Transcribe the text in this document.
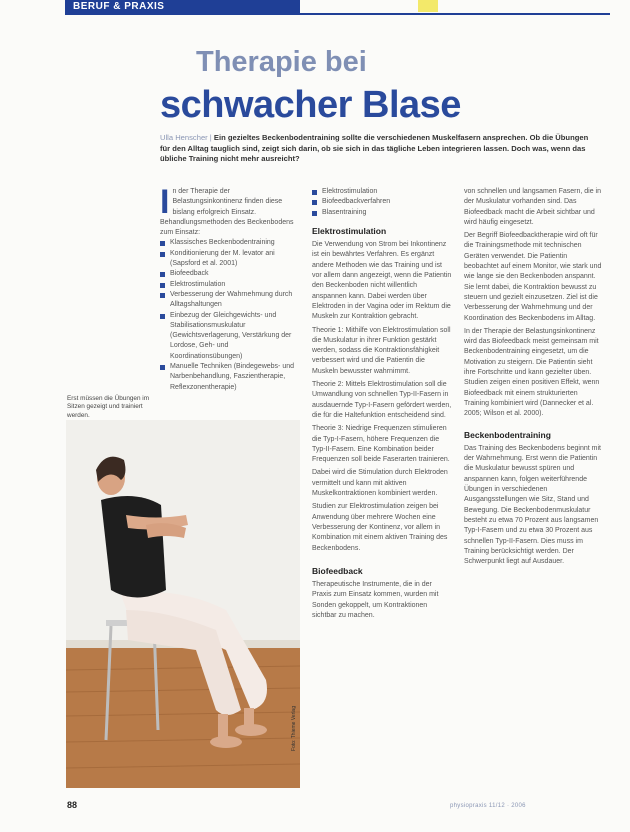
BERUF & PRAXIS
Therapie bei
schwacher Blase
Ulla Henscher | Ein gezieltes Beckenbodentraining sollte die verschiedenen Muskelfasern ansprechen. Ob die Übungen für den Alltag tauglich sind, zeigt sich darin, ob sie sich in das tägliche Leben integrieren lassen. Doch was, wenn das übliche Training nicht mehr ausreicht?

I n der Therapie der Belastungsinkontinenz finden diese bislang erfolgreich Einsatz. Behandlungsmethoden des Beckenbodens zum Einsatz:

Klassisches Beckenbodentraining
Konditionierung der M. levator ani (Sapsford et al. 2001)
Biofeedback
Elektrostimulation
Verbesserung der Wahrnehmung durch Alltagshaltungen
Einbezug der Gleichgewichts- und Stabilisationsmuskulatur (Gewichtsverlagerung, Verstärkung der Lordose, Geh- und Koordinationsübungen)
Manuelle Techniken (Bindegewebs- und Narbenbehandlung, Faszientherapie, Reflexzonentherapie)
Erst müssen die Übungen im Sitzen gezeigt und trainiert werden.
Foto: Thieme Verlag
Elektrostimulation
Biofeedbackverfahren
Blasentraining
Elektrostimulation

Die Verwendung von Strom bei Inkontinenz ist ein bewährtes Verfahren. Es ergänzt andere Methoden wie das Training und ist vor allem dann angezeigt, wenn die Patientin den Beckenboden nicht willentlich anspannen kann. Dabei werden über Elektroden in der Vagina oder im Rektum die Muskeln zur Kontraktion gebracht.

Theorie 1: Mithilfe von Elektrostimulation soll die Muskulatur in ihrer Funktion gestärkt werden, sodass die Kontraktionsfähigkeit verbessert wird und die Patientin die Muskeln bewusster wahrnimmt.

Theorie 2: Mittels Elektrostimulation soll die Umwandlung von schnellen Typ-II-Fasern in ausdauernde Typ-I-Fasern gefördert werden, die für die Haltefunktion entscheidend sind.

Theorie 3: Niedrige Frequenzen stimulieren die Typ-I-Fasern, höhere Frequenzen die Typ-II-Fasern. Eine Kombination beider Frequenzen soll beide Faserarten trainieren.

Dabei wird die Stimulation durch Elektroden vermittelt und kann mit aktiven Muskelkontraktionen kombiniert werden.

Studien zur Elektrostimulation zeigen bei Anwendung über mehrere Wochen eine Verbesserung der Kontinenz, vor allem in Kombination mit einem aktiven Training des Beckenbodens.

Biofeedback

Therapeutische Instrumente, die in der Praxis zum Einsatz kommen, wurden mit Sonden gekoppelt, um Kontraktionen sichtbar zu machen.

von schnellen und langsamen Fasern, die in der Muskulatur vorhanden sind. Das Biofeedback macht die Arbeit sichtbar und wird häufig eingesetzt.

Der Begriff Biofeedbacktherapie wird oft für die Trainingsmethode mit technischen Geräten verwendet. Die Patientin beobachtet auf einem Monitor, wie stark und wie lange sie den Beckenboden anspannt. Sie lernt dabei, die Kontraktion bewusst zu steuern und gezielt einzusetzen. Ziel ist die Verbesserung der Wahrnehmung und der Koordination des Beckenbodens im Alltag.

In der Therapie der Belastungsinkontinenz wird das Biofeedback meist gemeinsam mit Beckenbodentraining eingesetzt, um die Motivation zu steigern. Die Patientin sieht ihre Fortschritte und kann gezielter üben. Studien zeigen einen positiven Effekt, wenn Biofeedback mit einem strukturierten Training kombiniert wird (Dannecker et al. 2005; Wilson et al. 2000).

Beckenbodentraining

Das Training des Beckenbodens beginnt mit der Wahrnehmung. Erst wenn die Patientin die Muskulatur bewusst spüren und anspannen kann, folgen weiterführende Übungen in verschiedenen Ausgangsstellungen wie Sitz, Stand und Bewegung. Die Beckenbodenmuskulatur besteht zu etwa 70 Prozent aus langsamen Typ-I-Fasern und zu etwa 30 Prozent aus schnellen Typ-II-Fasern. Dies muss im Training berücksichtigt werden. Der Schwerpunkt liegt auf Ausdauer.

88	physiopraxis 11/12 · 2006
